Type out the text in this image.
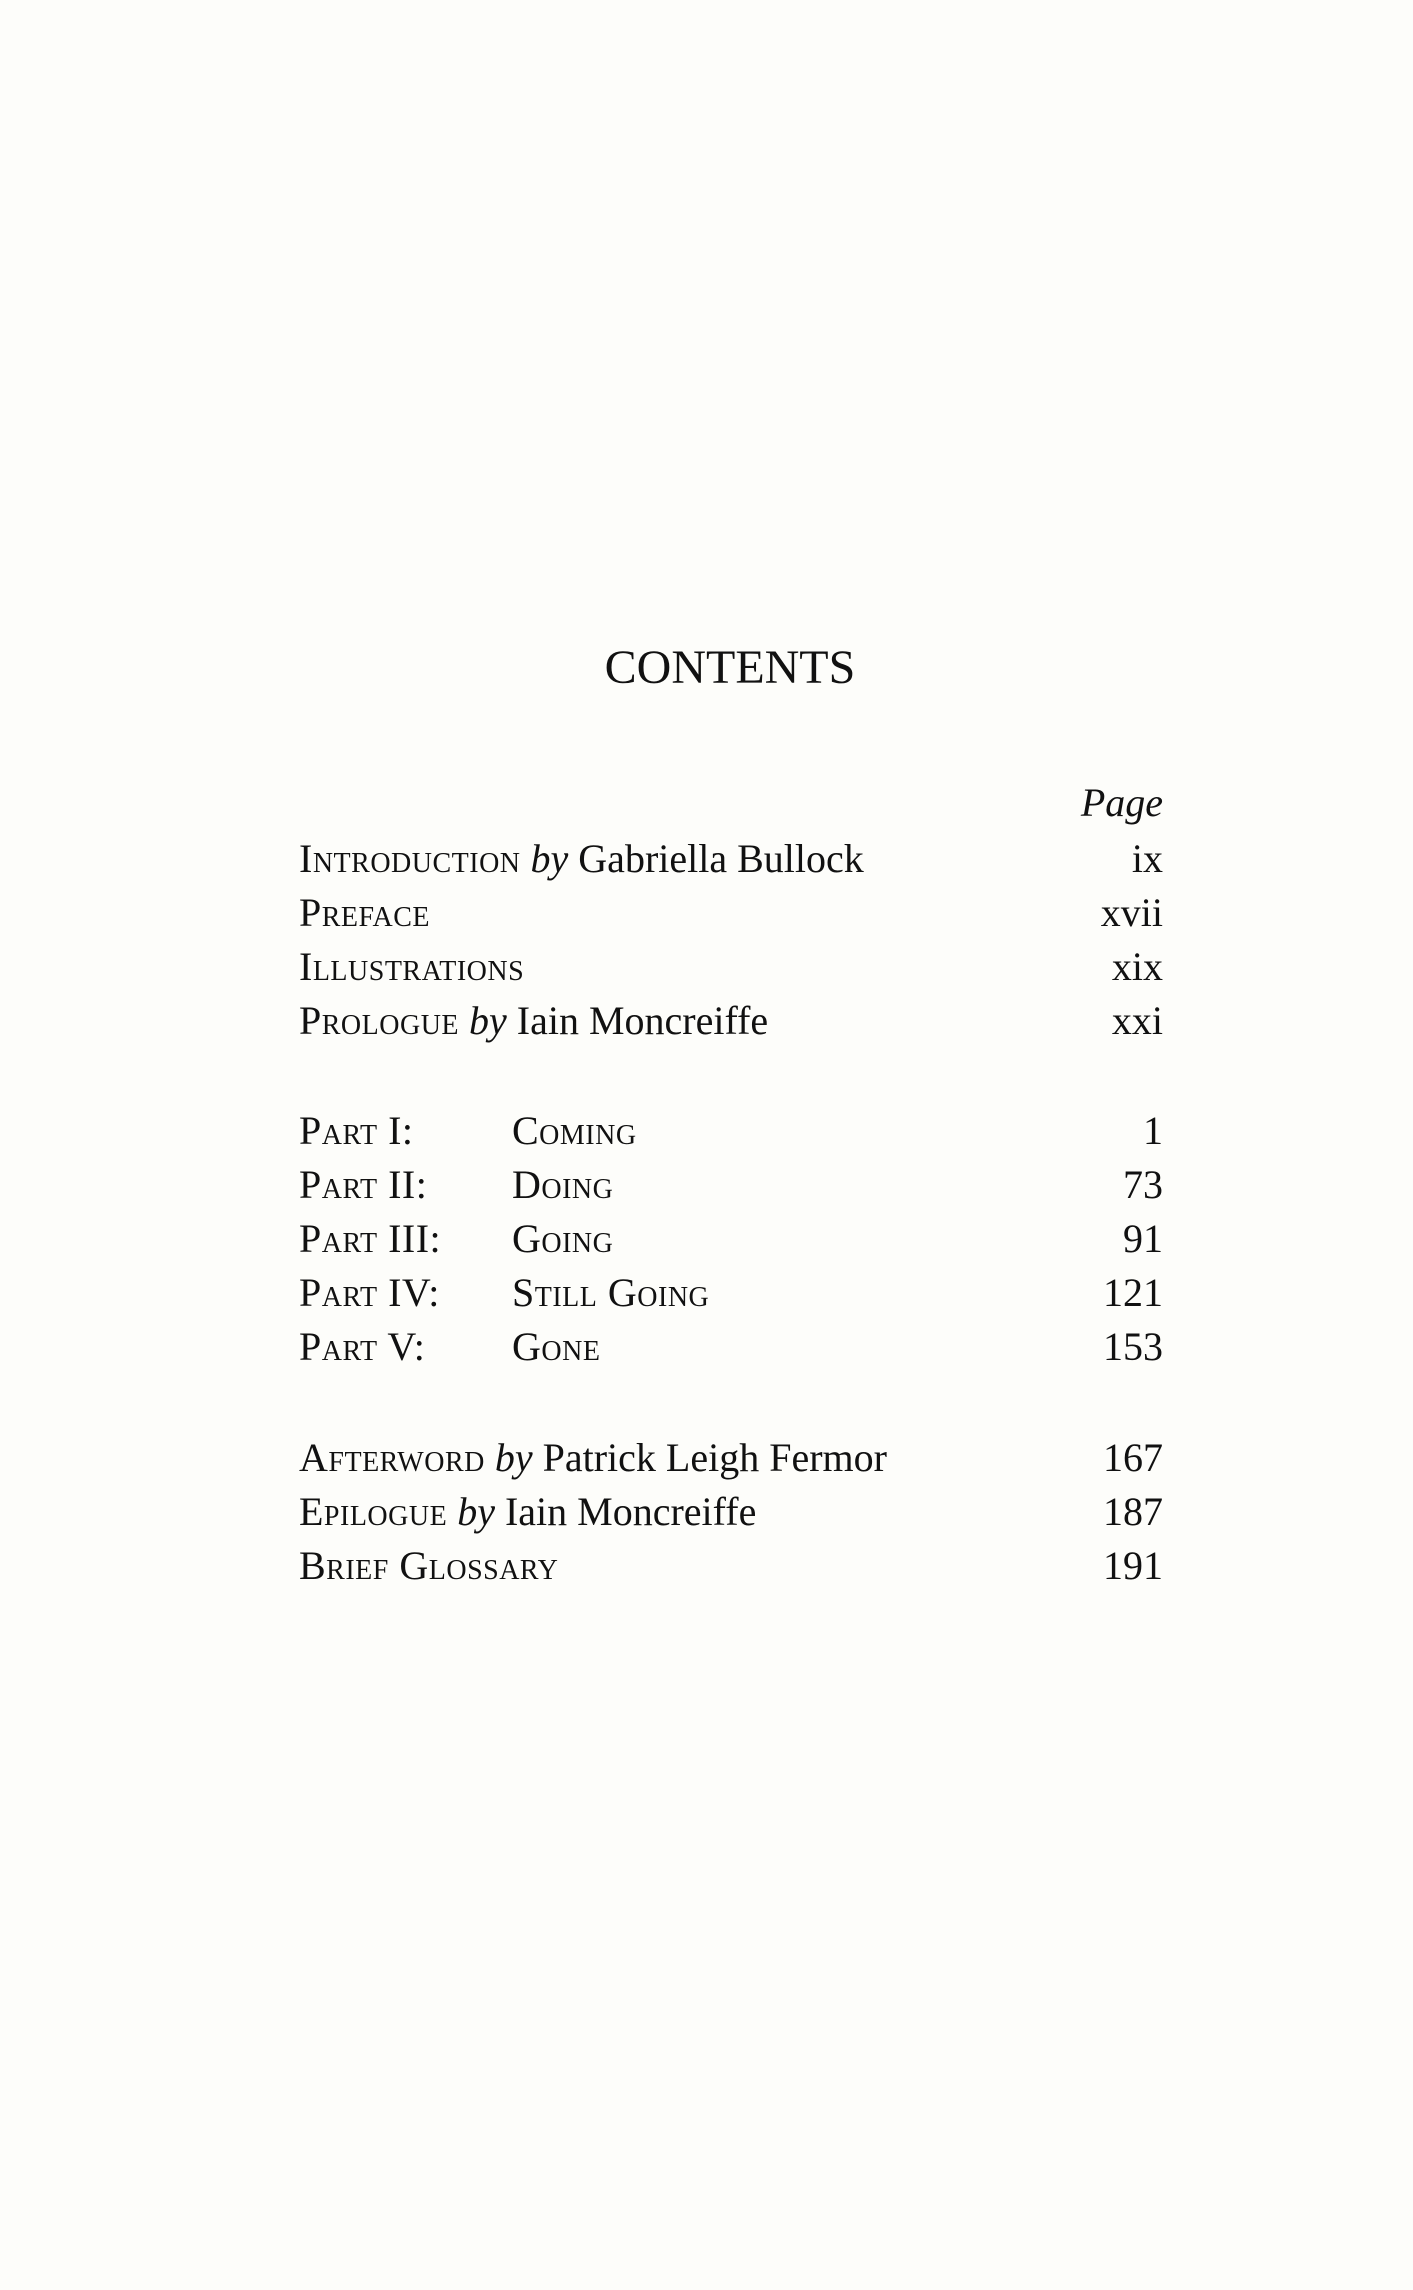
CONTENTS
Page
Introduction by Gabriella Bullock	ix
Preface	xvii
Illustrations	xix
Prologue by Iain Moncreiffe	xxi
Part I: Coming	1
Part II: Doing	73
Part III: Going	91
Part IV: Still Going	121
Part V: Gone	153
Afterword by Patrick Leigh Fermor	167
Epilogue by Iain Moncreiffe	187
Brief Glossary	191
